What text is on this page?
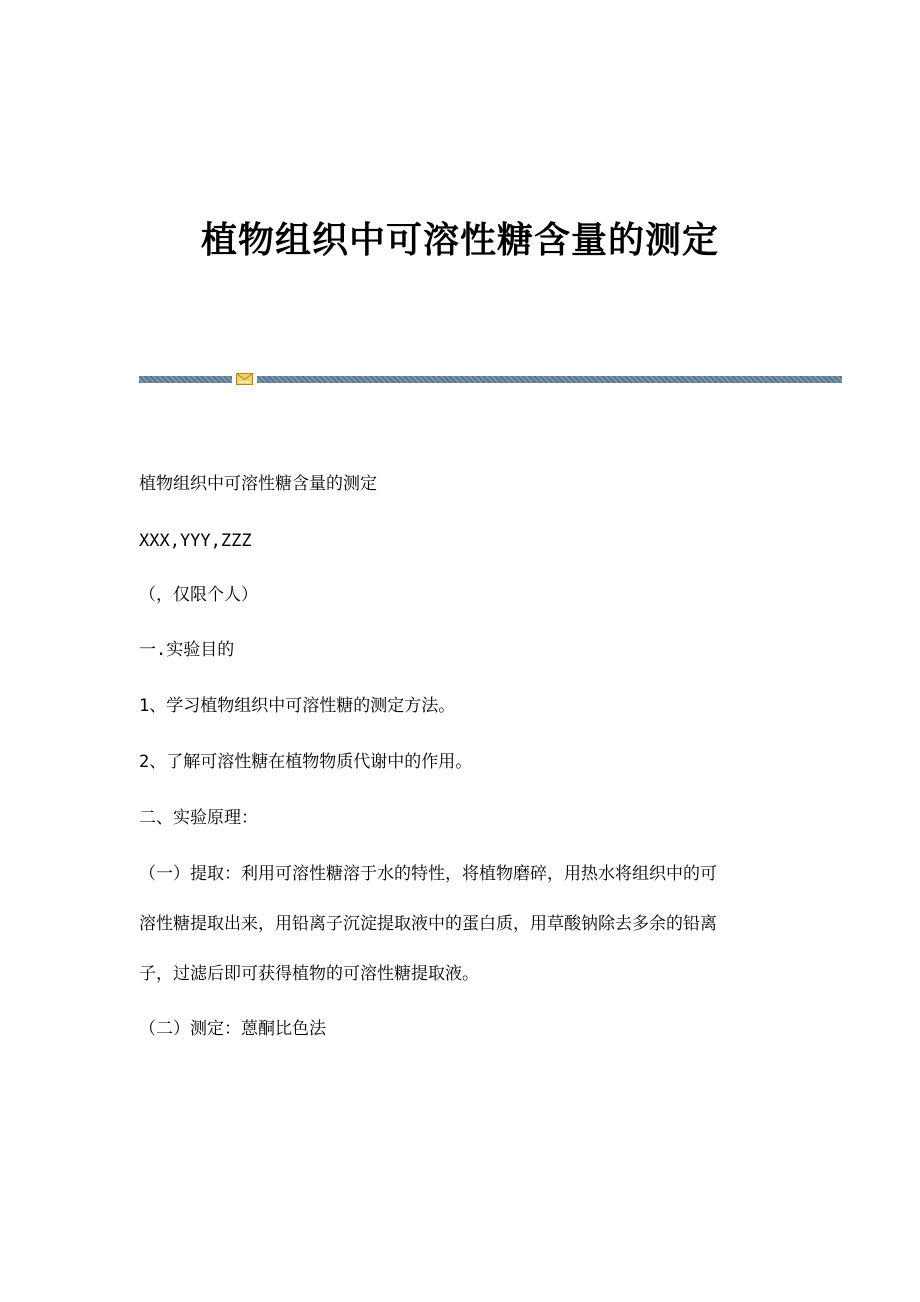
植物组织中可溶性糖含量的测定

植物组织中可溶性糖含量的测定

XXX,YYY,ZZZ

（，仅限个人）

一.实验目的

1、学习植物组织中可溶性糖的测定方法。

2、了解可溶性糖在植物物质代谢中的作用。

二、实验原理：

（一）提取：利用可溶性糖溶于水的特性，将植物磨碎，用热水将组织中的可

溶性糖提取出来，用铅离子沉淀提取液中的蛋白质，用草酸钠除去多余的铅离

子，过滤后即可获得植物的可溶性糖提取液。

（二）测定：蒽酮比色法
